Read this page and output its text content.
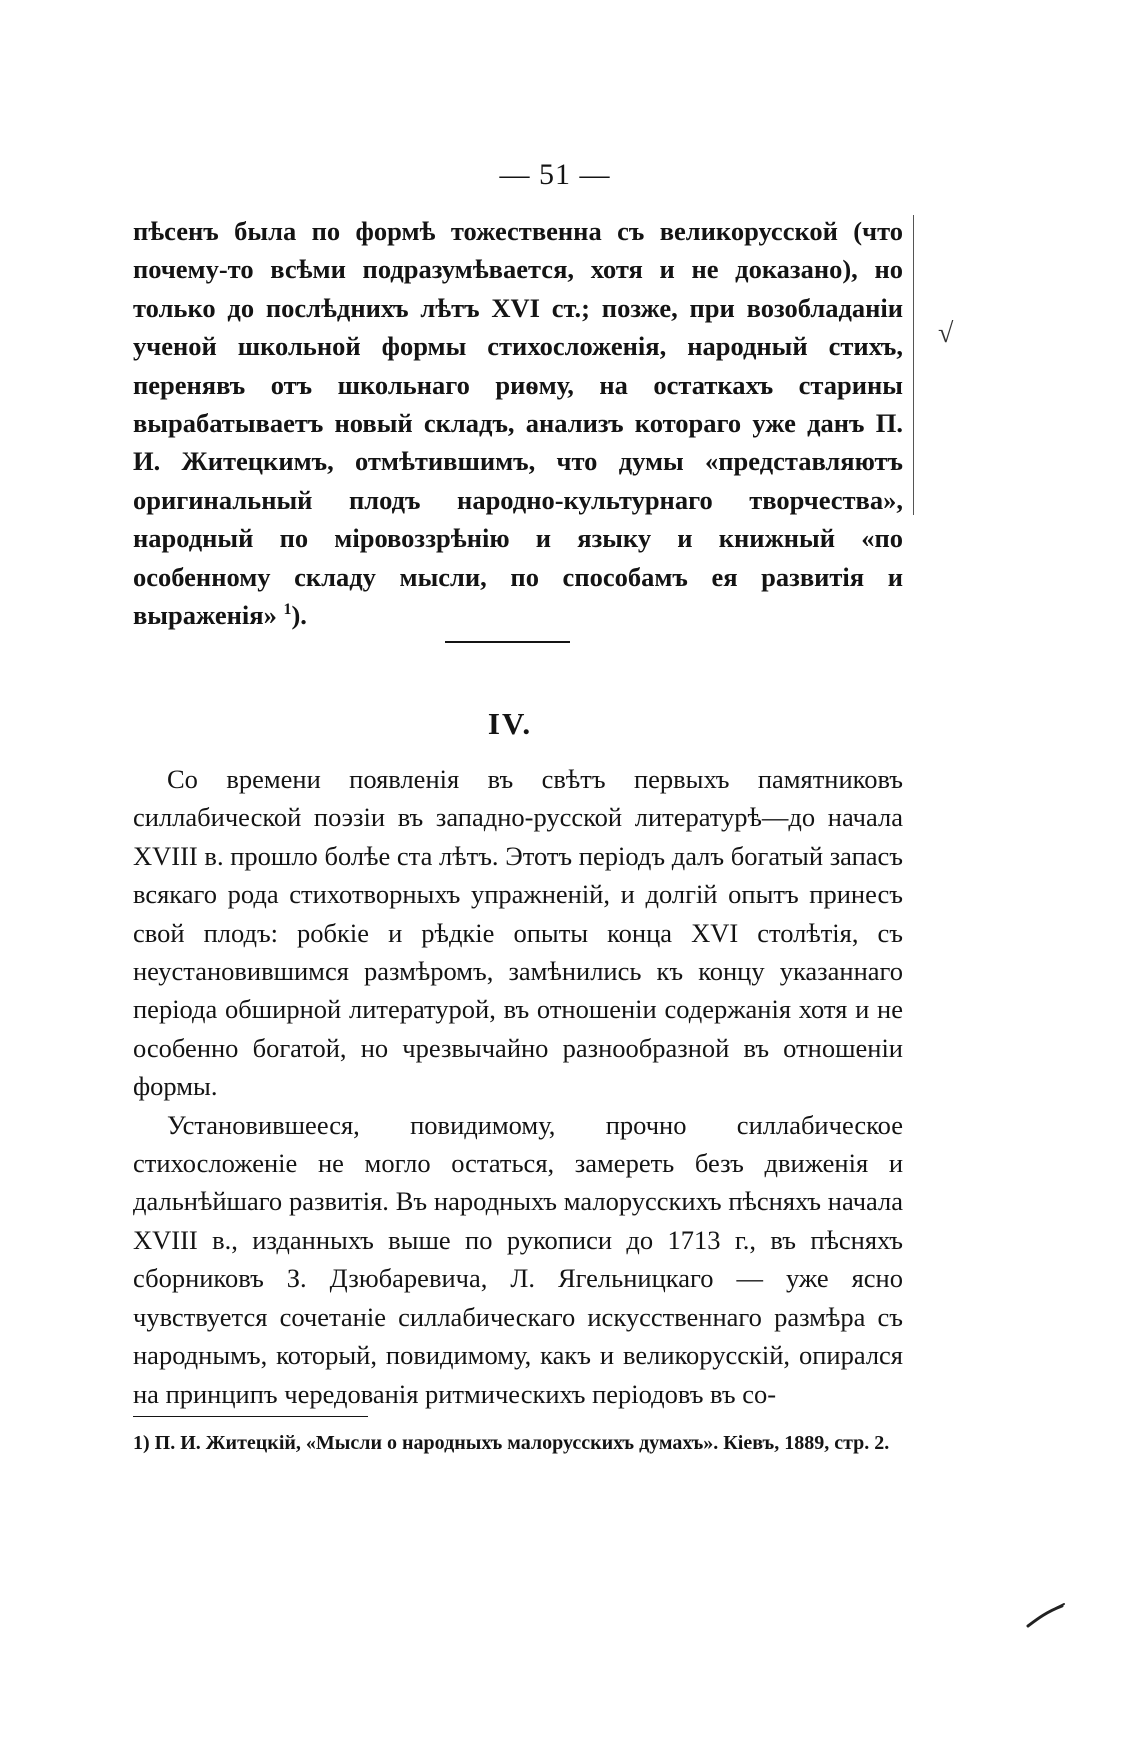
— 51 —
√

пѣсенъ была по формѣ тожественна съ великорусской (что почему-то всѣми подразумѣвается, хотя и не доказано), но только до послѣднихъ лѣтъ XVI ст.; позже, при возобладаніи ученой школьной формы стихосложенія, народный стихъ, перенявъ отъ школьнаго риѳму, на остаткахъ старины вырабатываетъ новый складъ, анализъ котораго уже данъ П. И. Житецкимъ, отмѣтившимъ, что думы «представляютъ оригинальный плодъ народно-культурнаго творчества», народный по міровоззрѣнію и языку и книжный «по особенному складу мысли, по способамъ ея развитія и выраженія» $^1$).

IV.

Со времени появленія въ свѣтъ первыхъ памятниковъ силлабической поэзіи въ западно-русской литературѣ—до начала XVIII в. прошло болѣе ста лѣтъ. Этотъ періодъ далъ богатый запасъ всякаго рода стихотворныхъ упражненій, и долгій опытъ принесъ свой плодъ: робкіе и рѣдкіе опыты конца XVI столѣтія, съ неустановившимся размѣромъ, замѣнились къ концу указаннаго періода обширной литературой, въ отношеніи содержанія хотя и не особенно богатой, но чрезвычайно разнообразной въ отношеніи формы.

Установившееся, повидимому, прочно силлабическое стихосложеніе не могло остаться, замереть безъ движенія и дальнѣйшаго развитія. Въ народныхъ малорусскихъ пѣсняхъ начала XVIII в., изданныхъ выше по рукописи до 1713 г., въ пѣсняхъ сборниковъ З. Дзюбаревича, Л. Ягельницкаго — уже ясно чувствуется сочетаніе силлабическаго искусственнаго размѣра съ народнымъ, который, повидимому, какъ и великорусскій, опирался на принципъ чередованія ритмическихъ періодовъ въ со-

1) П. И. Житецкій, «Мысли о народныхъ малорусскихъ думахъ». Кіевъ, 1889, стр. 2.
